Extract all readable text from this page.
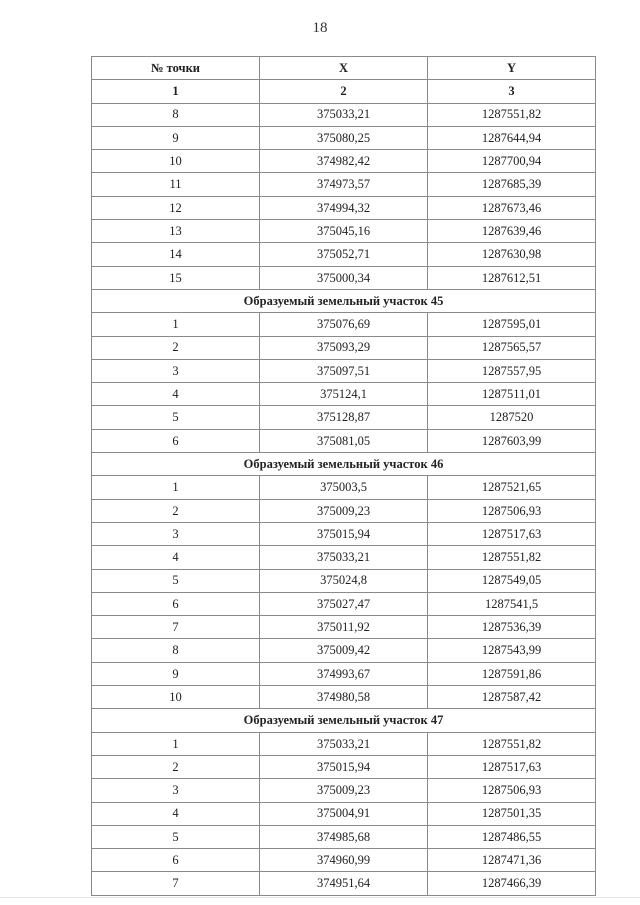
18
№ точки	X	Y
1	2	3
8	375033,21	1287551,82
9	375080,25	1287644,94
10	374982,42	1287700,94
11	374973,57	1287685,39
12	374994,32	1287673,46
13	375045,16	1287639,46
14	375052,71	1287630,98
15	375000,34	1287612,51
Образуемый земельный участок 45		
1	375076,69	1287595,01
2	375093,29	1287565,57
3	375097,51	1287557,95
4	375124,1	1287511,01
5	375128,87	1287520
6	375081,05	1287603,99
Образуемый земельный участок 46		
1	375003,5	1287521,65
2	375009,23	1287506,93
3	375015,94	1287517,63
4	375033,21	1287551,82
5	375024,8	1287549,05
6	375027,47	1287541,5
7	375011,92	1287536,39
8	375009,42	1287543,99
9	374993,67	1287591,86
10	374980,58	1287587,42
Образуемый земельный участок 47		
1	375033,21	1287551,82
2	375015,94	1287517,63
3	375009,23	1287506,93
4	375004,91	1287501,35
5	374985,68	1287486,55
6	374960,99	1287471,36
7	374951,64	1287466,39
